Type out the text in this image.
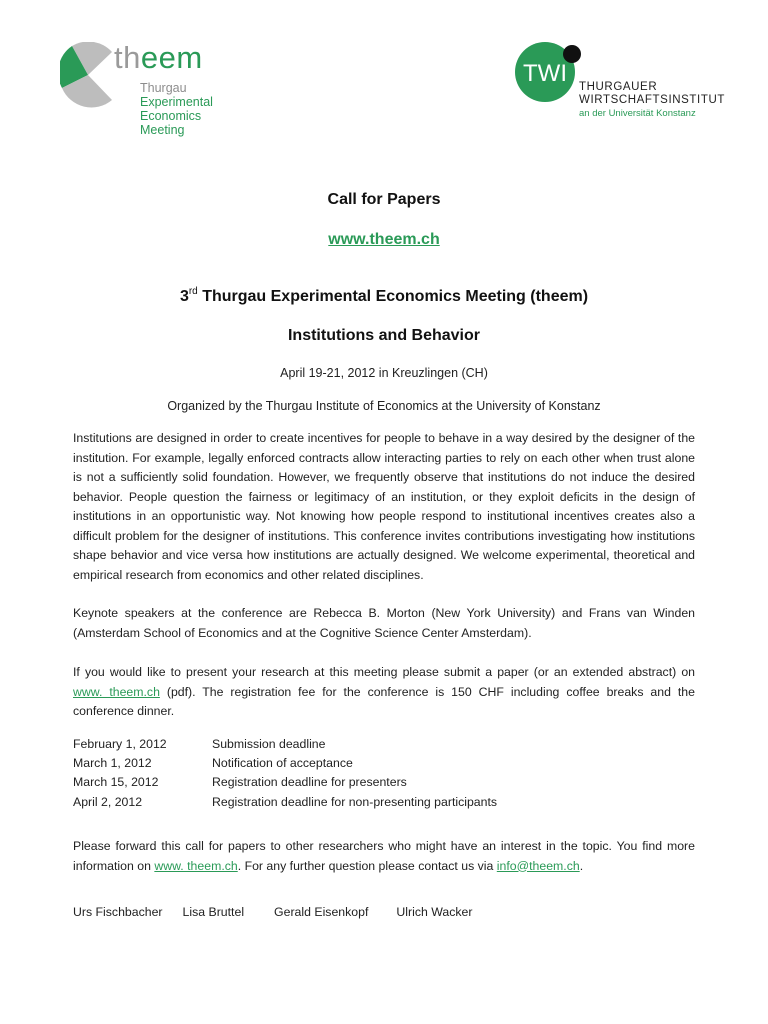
theem
Thurgau
Experimental
Economics
Meeting
TWI THURGAUER
WIRTSCHAFTSINSTITUT
an der Universität Konstanz
Call for Papers
www.theem.ch
3rd Thurgau Experimental Economics Meeting (theem)
Institutions and Behavior
April 19-21, 2012 in Kreuzlingen (CH)
Organized by the Thurgau Institute of Economics at the University of Konstanz

Institutions are designed in order to create incentives for people to behave in a way desired by the designer of the institution. For example, legally enforced contracts allow interacting parties to rely on each other when trust alone is not a sufficiently solid foundation. However, we frequently observe that institutions do not induce the desired behavior. People question the fairness or legitimacy of an institution, or they exploit deficits in the design of institutions in an opportunistic way. Not knowing how people respond to institutional incentives creates also a difficult problem for the designer of institutions. This conference invites contributions investigating how institutions shape behavior and vice versa how institutions are actually designed. We welcome experimental, theoretical and empirical research from economics and other related disciplines.

Keynote speakers at the conference are Rebecca B. Morton (New York University) and Frans van Winden (Amsterdam School of Economics and at the Cognitive Science Center Amsterdam).

If you would like to present your research at this meeting please submit a paper (or an extended abstract) on www. theem.ch (pdf). The registration fee for the conference is 150 CHF including coffee breaks and the conference dinner.

February 1, 2012	Submission deadline
March 1, 2012	Notification of acceptance
March 15, 2012	Registration deadline for presenters
April 2, 2012	Registration deadline for non-presenting participants

Please forward this call for papers to other researchers who might have an interest in the topic. You find more information on www. theem.ch. For any further question please contact us via info@theem.ch.

Urs Fischbacher Lisa Bruttel Gerald Eisenkopf Ulrich Wacker
